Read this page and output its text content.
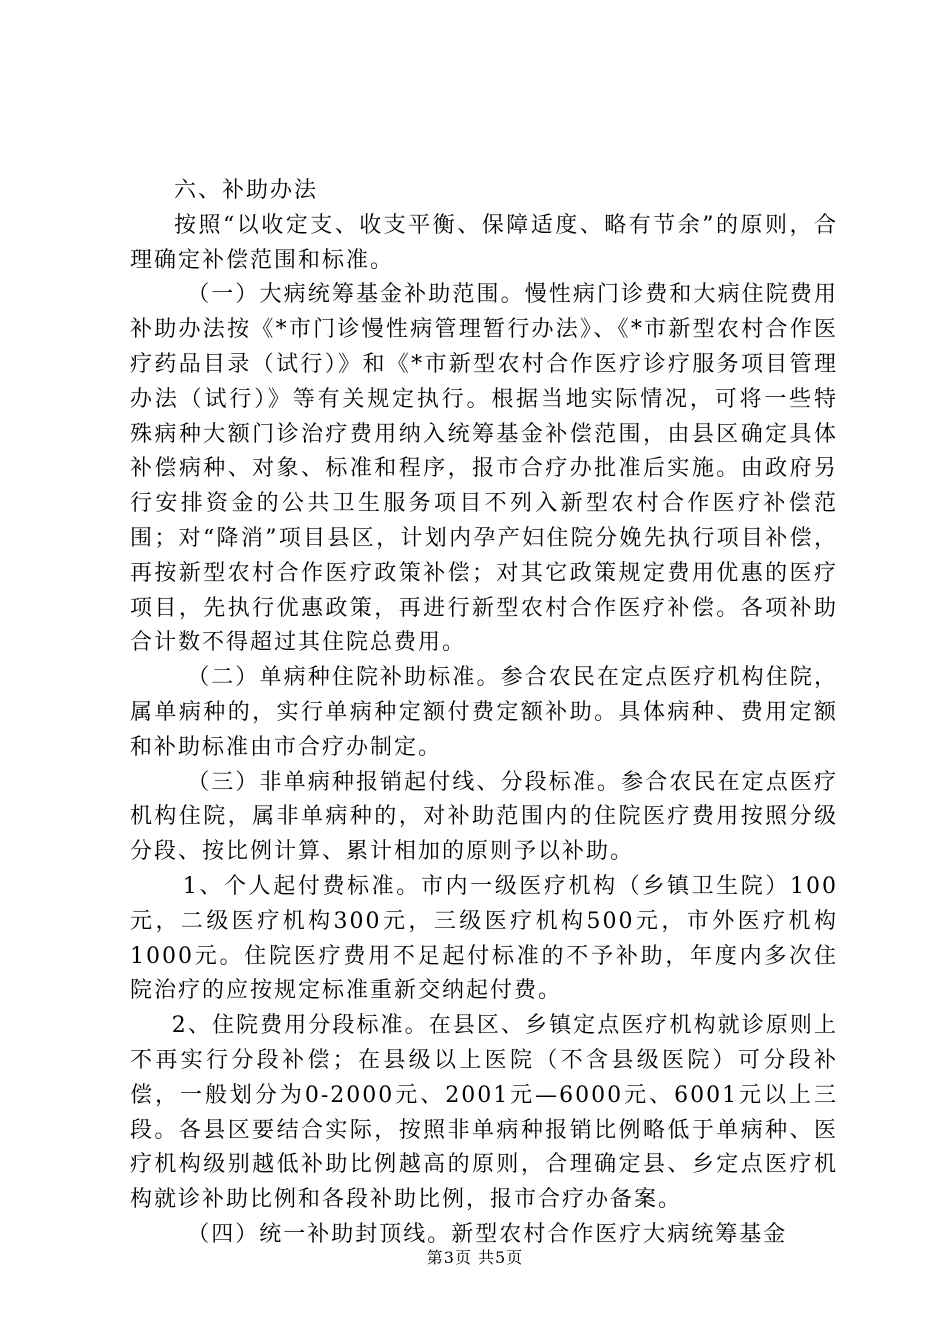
六、补助办法

按照“以收定支、收支平衡、保障适度、略有节余”的原则，合理确定补偿范围和标准。

（一）大病统筹基金补助范围。慢性病门诊费和大病住院费用补助办法按《*市门诊慢性病管理暂行办法》、《*市新型农村合作医疗药品目录（试行）》和《*市新型农村合作医疗诊疗服务项目管理办法（试行）》等有关规定执行。根据当地实际情况，可将一些特殊病种大额门诊治疗费用纳入统筹基金补偿范围，由县区确定具体补偿病种、对象、标准和程序，报市合疗办批准后实施。由政府另行安排资金的公共卫生服务项目不列入新型农村合作医疗补偿范围；对“降消”项目县区，计划内孕产妇住院分娩先执行项目补偿，再按新型农村合作医疗政策补偿；对其它政策规定费用优惠的医疗项目，先执行优惠政策，再进行新型农村合作医疗补偿。各项补助合计数不得超过其住院总费用。

（二）单病种住院补助标准。参合农民在定点医疗机构住院，属单病种的，实行单病种定额付费定额补助。具体病种、费用定额和补助标准由市合疗办制定。

（三）非单病种报销起付线、分段标准。参合农民在定点医疗机构住院，属非单病种的，对补助范围内的住院医疗费用按照分级分段、按比例计算、累计相加的原则予以补助。

1、个人起付费标准。市内一级医疗机构（乡镇卫生院）100元，二级医疗机构300元，三级医疗机构500元，市外医疗机构1000元。住院医疗费用不足起付标准的不予补助，年度内多次住院治疗的应按规定标准重新交纳起付费。

2、住院费用分段标准。在县区、乡镇定点医疗机构就诊原则上不再实行分段补偿；在县级以上医院（不含县级医院）可分段补偿，一般划分为0-2000元、2001元—6000元、6001元以上三段。各县区要结合实际，按照非单病种报销比例略低于单病种、医疗机构级别越低补助比例越高的原则，合理确定县、乡定点医疗机构就诊补助比例和各段补助比例，报市合疗办备案。

（四）统一补助封顶线。新型农村合作医疗大病统筹基金

第3页 共5页
